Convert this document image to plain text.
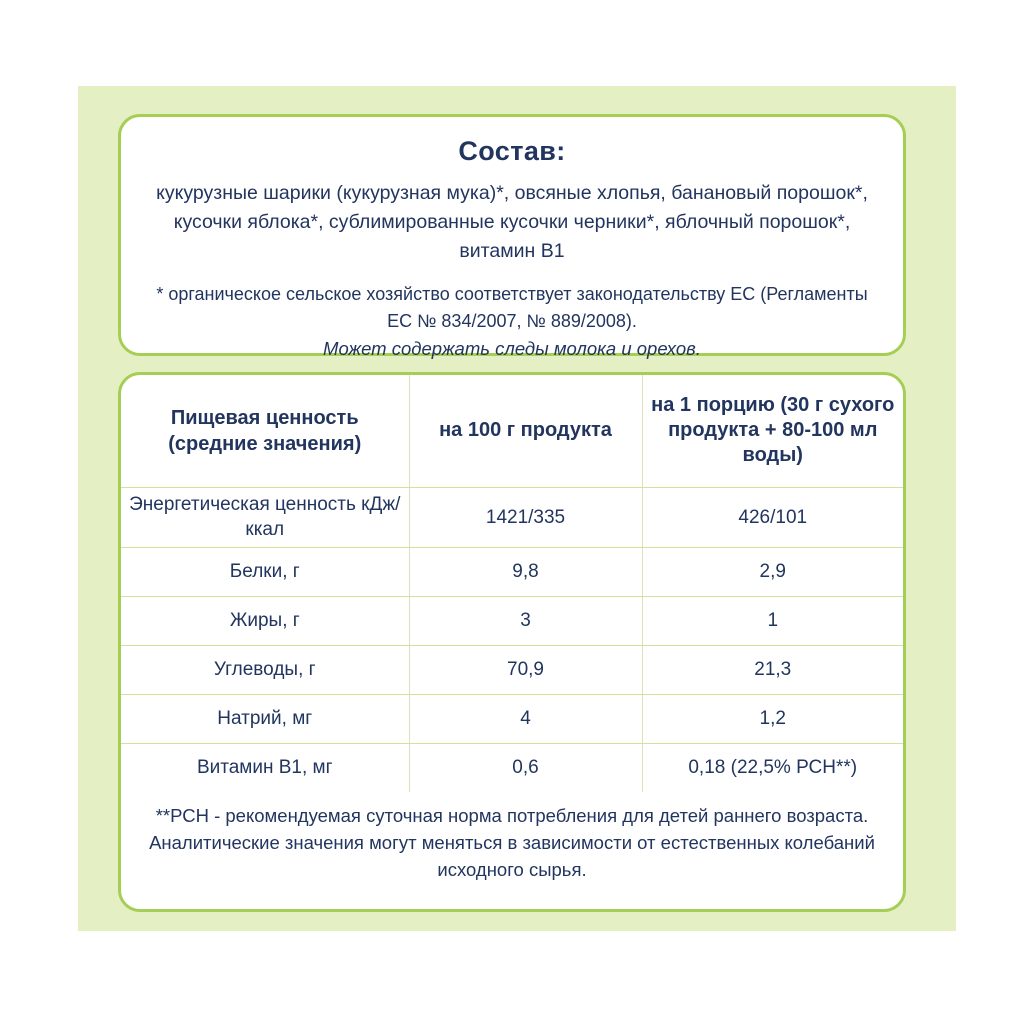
Состав:
кукурузные шарики (кукурузная мука)*, овсяные хлопья, банановый порошок*, кусочки яблока*, сублимированные кусочки черники*, яблочный порошок*, витамин B1
* органическое сельское хозяйство соответствует законодательству ЕС (Регламенты ЕС № 834/2007, № 889/2008).
Может содержать следы молока и орехов.
Пищевая ценность (средние значения)	на 100 г продукта	на 1 порцию (30 г сухого продукта + 80-100 мл воды)
Энергетическая ценность кДж/ккал	1421/335	426/101
Белки, г	9,8	2,9
Жиры, г	3	1
Углеводы, г	70,9	21,3
Натрий, мг	4	1,2
Витамин B1, мг	0,6	0,18 (22,5% РСН**)
**РСН - рекомендуемая суточная норма потребления для детей раннего возраста. Аналитические значения могут меняться в зависимости от естественных колебаний исходного сырья.
